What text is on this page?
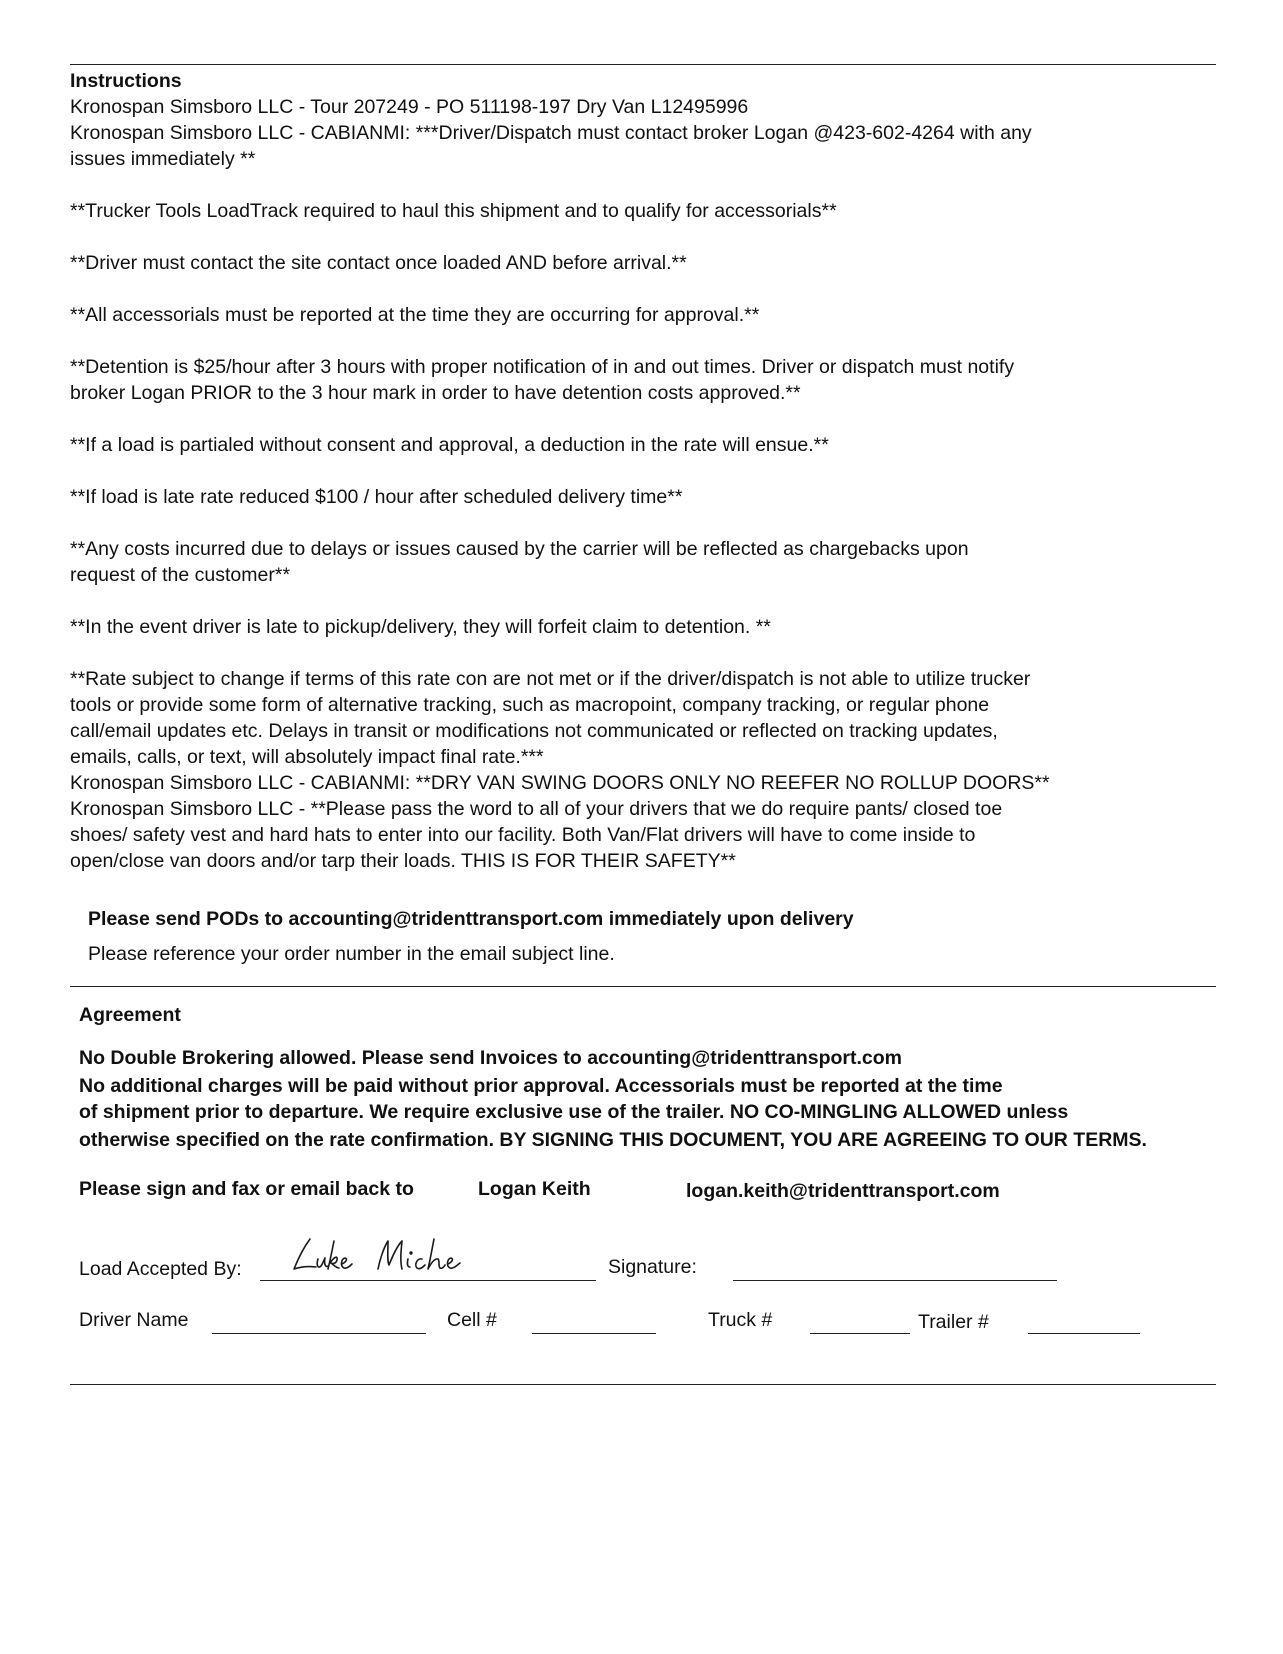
Instructions
Kronospan Simsboro LLC - Tour 207249 - PO 511198-197 Dry Van L12495996
Kronospan Simsboro LLC - CABIANMI: ***Driver/Dispatch must contact broker Logan @423-602-4264 with any
issues immediately **
**Trucker Tools LoadTrack required to haul this shipment and to qualify for accessorials**
**Driver must contact the site contact once loaded AND before arrival.**
**All accessorials must be reported at the time they are occurring for approval.**
**Detention is $25/hour after 3 hours with proper notification of in and out times. Driver or dispatch must notify
broker Logan PRIOR to the 3 hour mark in order to have detention costs approved.**
**If a load is partialed without consent and approval, a deduction in the rate will ensue.**
**If load is late rate reduced $100 / hour after scheduled delivery time**
**Any costs incurred due to delays or issues caused by the carrier will be reflected as chargebacks upon
request of the customer**
**In the event driver is late to pickup/delivery, they will forfeit claim to detention. **
**Rate subject to change if terms of this rate con are not met or if the driver/dispatch is not able to utilize trucker
tools or provide some form of alternative tracking, such as macropoint, company tracking, or regular phone
call/email updates etc. Delays in transit or modifications not communicated or reflected on tracking updates,
emails, calls, or text, will absolutely impact final rate.***
Kronospan Simsboro LLC - CABIANMI: **DRY VAN SWING DOORS ONLY NO REEFER NO ROLLUP DOORS**
Kronospan Simsboro LLC - **Please pass the word to all of your drivers that we do require pants/ closed toe
shoes/ safety vest and hard hats to enter into our facility. Both Van/Flat drivers will have to come inside to
open/close van doors and/or tarp their loads. THIS IS FOR THEIR SAFETY**
Please send PODs to accounting@tridenttransport.com immediately upon delivery
Please reference your order number in the email subject line.
Agreement
No Double Brokering allowed. Please send Invoices to accounting@tridenttransport.com
No additional charges will be paid without prior approval. Accessorials must be reported at the time
of shipment prior to departure. We require exclusive use of the trailer. NO CO-MINGLING ALLOWED unless
otherwise specified on the rate confirmation. BY SIGNING THIS DOCUMENT, YOU ARE AGREEING TO OUR TERMS.
Please sign and fax or email back to	Logan Keith	logan.keith@tridenttransport.com
Load Accepted By:	Signature:
Driver Name	Cell #	Truck #	Trailer #
